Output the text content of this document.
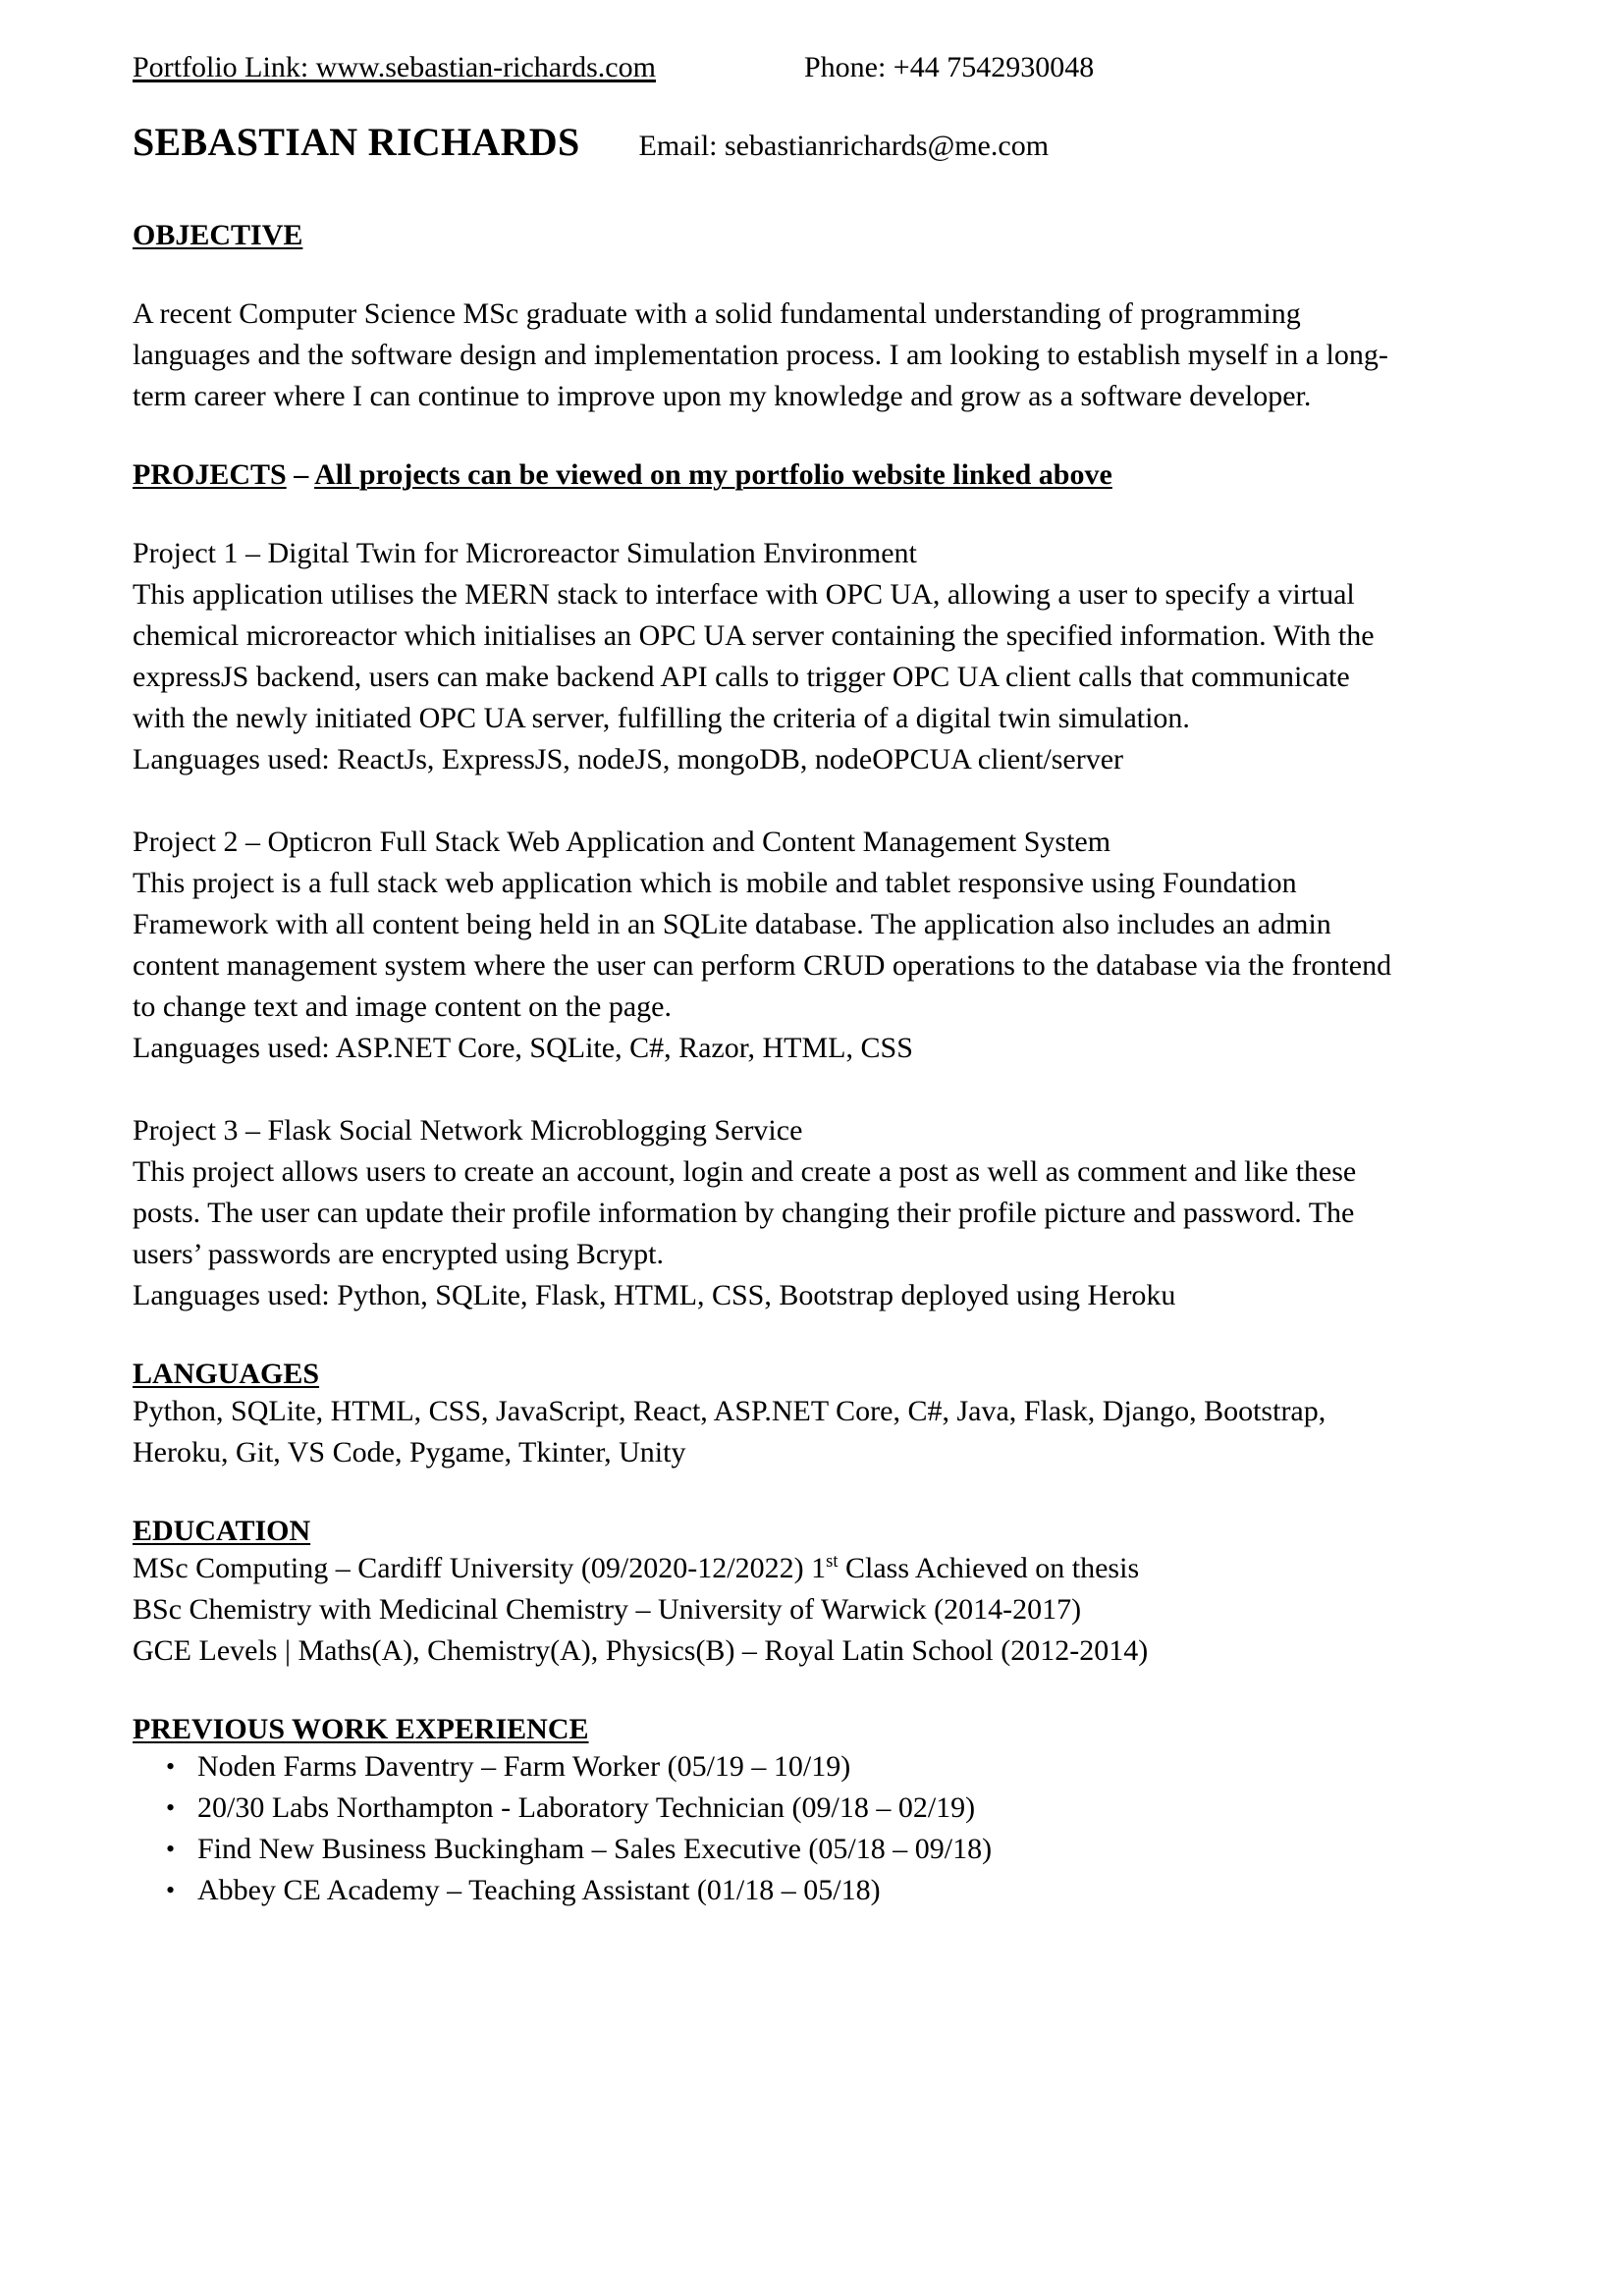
Portfolio Link: www.sebastian-richards.com	Phone: +44 7542930048
SEBASTIAN RICHARDS Email: sebastianrichards@me.com
OBJECTIVE

A recent Computer Science MSc graduate with a solid fundamental understanding of programming languages and the software design and implementation process. I am looking to establish myself in a long-term career where I can continue to improve upon my knowledge and grow as a software developer.

PROJECTS – All projects can be viewed on my portfolio website linked above

Project 1 – Digital Twin for Microreactor Simulation Environment

This application utilises the MERN stack to interface with OPC UA, allowing a user to specify a virtual chemical microreactor which initialises an OPC UA server containing the specified information. With the expressJS backend, users can make backend API calls to trigger OPC UA client calls that communicate with the newly initiated OPC UA server, fulfilling the criteria of a digital twin simulation.

Languages used: ReactJs, ExpressJS, nodeJS, mongoDB, nodeOPCUA client/server

Project 2 – Opticron Full Stack Web Application and Content Management System

This project is a full stack web application which is mobile and tablet responsive using Foundation Framework with all content being held in an SQLite database. The application also includes an admin content management system where the user can perform CRUD operations to the database via the frontend to change text and image content on the page.

Languages used: ASP.NET Core, SQLite, C#, Razor, HTML, CSS

Project 3 – Flask Social Network Microblogging Service

This project allows users to create an account, login and create a post as well as comment and like these posts. The user can update their profile information by changing their profile picture and password. The users’ passwords are encrypted using Bcrypt.

Languages used: Python, SQLite, Flask, HTML, CSS, Bootstrap deployed using Heroku

LANGUAGES

Python, SQLite, HTML, CSS, JavaScript, React, ASP.NET Core, C#, Java, Flask, Django, Bootstrap, Heroku, Git, VS Code, Pygame, Tkinter, Unity

EDUCATION

MSc Computing – Cardiff University (09/2020-12/2022) 1st Class Achieved on thesis

BSc Chemistry with Medicinal Chemistry – University of Warwick (2014-2017)

GCE Levels | Maths(A), Chemistry(A), Physics(B) – Royal Latin School (2012-2014)

PREVIOUS WORK EXPERIENCE
• Noden Farms Daventry – Farm Worker (05/19 – 10/19)
• 20/30 Labs Northampton - Laboratory Technician (09/18 – 02/19)
• Find New Business Buckingham – Sales Executive (05/18 – 09/18)
• Abbey CE Academy – Teaching Assistant (01/18 – 05/18)
